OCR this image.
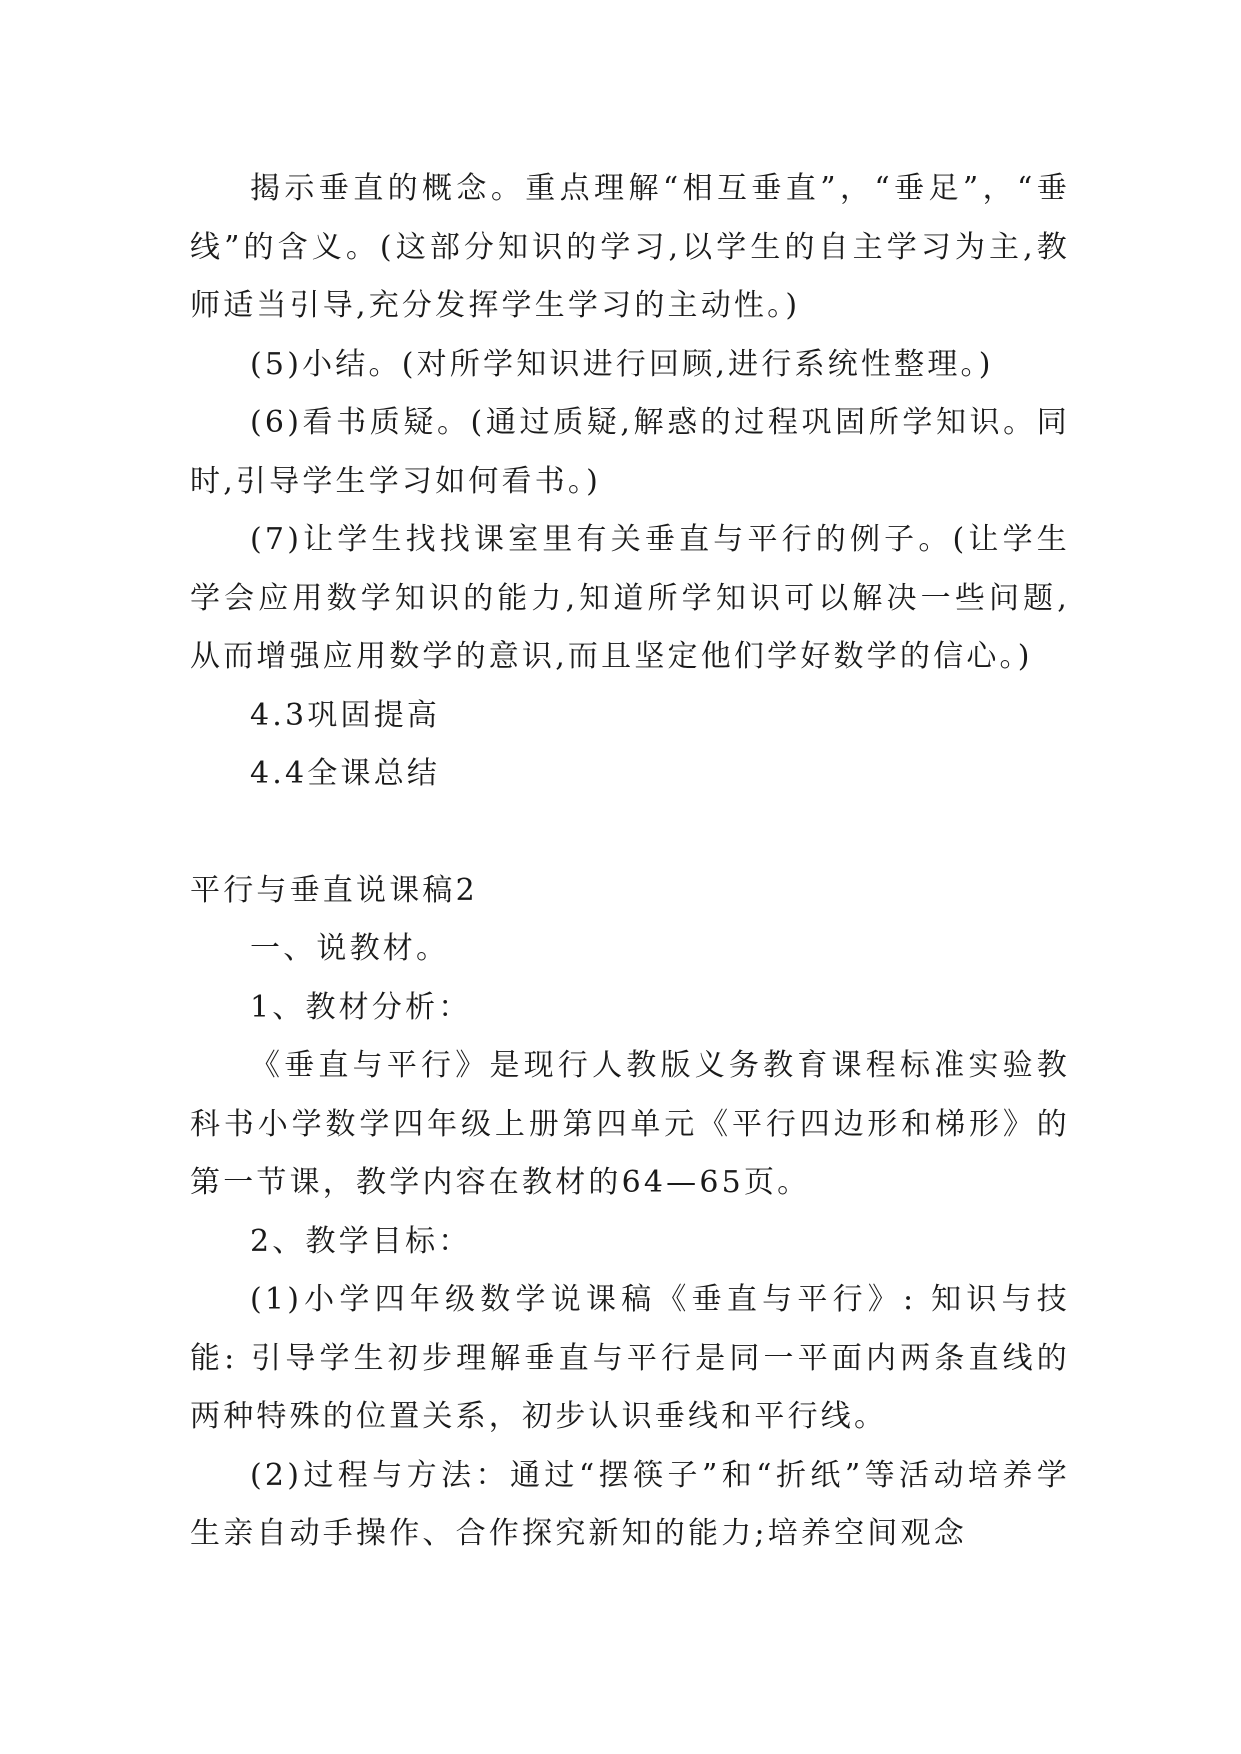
揭示垂直的概念。重点理解“相互垂直”，“垂足”，“垂线”的含义。(这部分知识的学习,以学生的自主学习为主,教师适当引导,充分发挥学生学习的主动性。)

(5)小结。(对所学知识进行回顾,进行系统性整理。)

(6)看书质疑。(通过质疑,解惑的过程巩固所学知识。同时,引导学生学习如何看书。)

(7)让学生找找课室里有关垂直与平行的例子。(让学生学会应用数学知识的能力,知道所学知识可以解决一些问题,从而增强应用数学的意识,而且坚定他们学好数学的信心。)

4.3巩固提高

4.4全课总结

平行与垂直说课稿2

一、说教材。

1、教材分析：

《垂直与平行》是现行人教版义务教育课程标准实验教科书小学数学四年级上册第四单元《平行四边形和梯形》的第一节课，教学内容在教材的64—65页。

2、教学目标：

(1)小学四年级数学说课稿《垂直与平行》: 知识与技能: 引导学生初步理解垂直与平行是同一平面内两条直线的两种特殊的位置关系，初步认识垂线和平行线。

(2)过程与方法：通过“摆筷子”和“折纸”等活动培养学生亲自动手操作、合作探究新知的能力;培养空间观念
